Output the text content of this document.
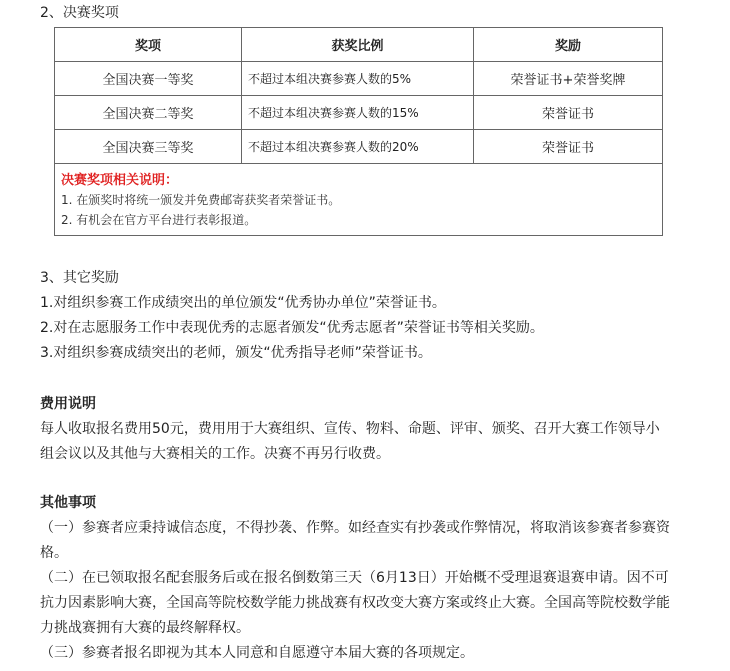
2、决赛奖项
奖项	获奖比例	奖励
全国决赛一等奖	不超过本组决赛参赛人数的5%	荣誉证书+荣誉奖牌
全国决赛二等奖	不超过本组决赛参赛人数的15%	荣誉证书
全国决赛三等奖	不超过本组决赛参赛人数的20%	荣誉证书

决赛奖项相关说明：
1. 在颁奖时将统一颁发并免费邮寄获奖者荣誉证书。
2. 有机会在官方平台进行表彰报道。		
3、其它奖励
1.对组织参赛工作成绩突出的单位颁发“优秀协办单位”荣誉证书。
2.对在志愿服务工作中表现优秀的志愿者颁发“优秀志愿者”荣誉证书等相关奖励。
3.对组织参赛成绩突出的老师，颁发“优秀指导老师”荣誉证书。
费用说明
每人收取报名费用50元，费用用于大赛组织、宣传、物料、命题、评审、颁奖、召开大赛工作领导小
组会议以及其他与大赛相关的工作。决赛不再另行收费。
其他事项
（一）参赛者应秉持诚信态度，不得抄袭、作弊。如经查实有抄袭或作弊情况，将取消该参赛者参赛资
格。
（二）在已领取报名配套服务后或在报名倒数第三天（6月13日）开始概不受理退赛退赛申请。因不可
抗力因素影响大赛，全国高等院校数学能力挑战赛有权改变大赛方案或终止大赛。全国高等院校数学能
力挑战赛拥有大赛的最终解释权。
（三）参赛者报名即视为其本人同意和自愿遵守本届大赛的各项规定。
